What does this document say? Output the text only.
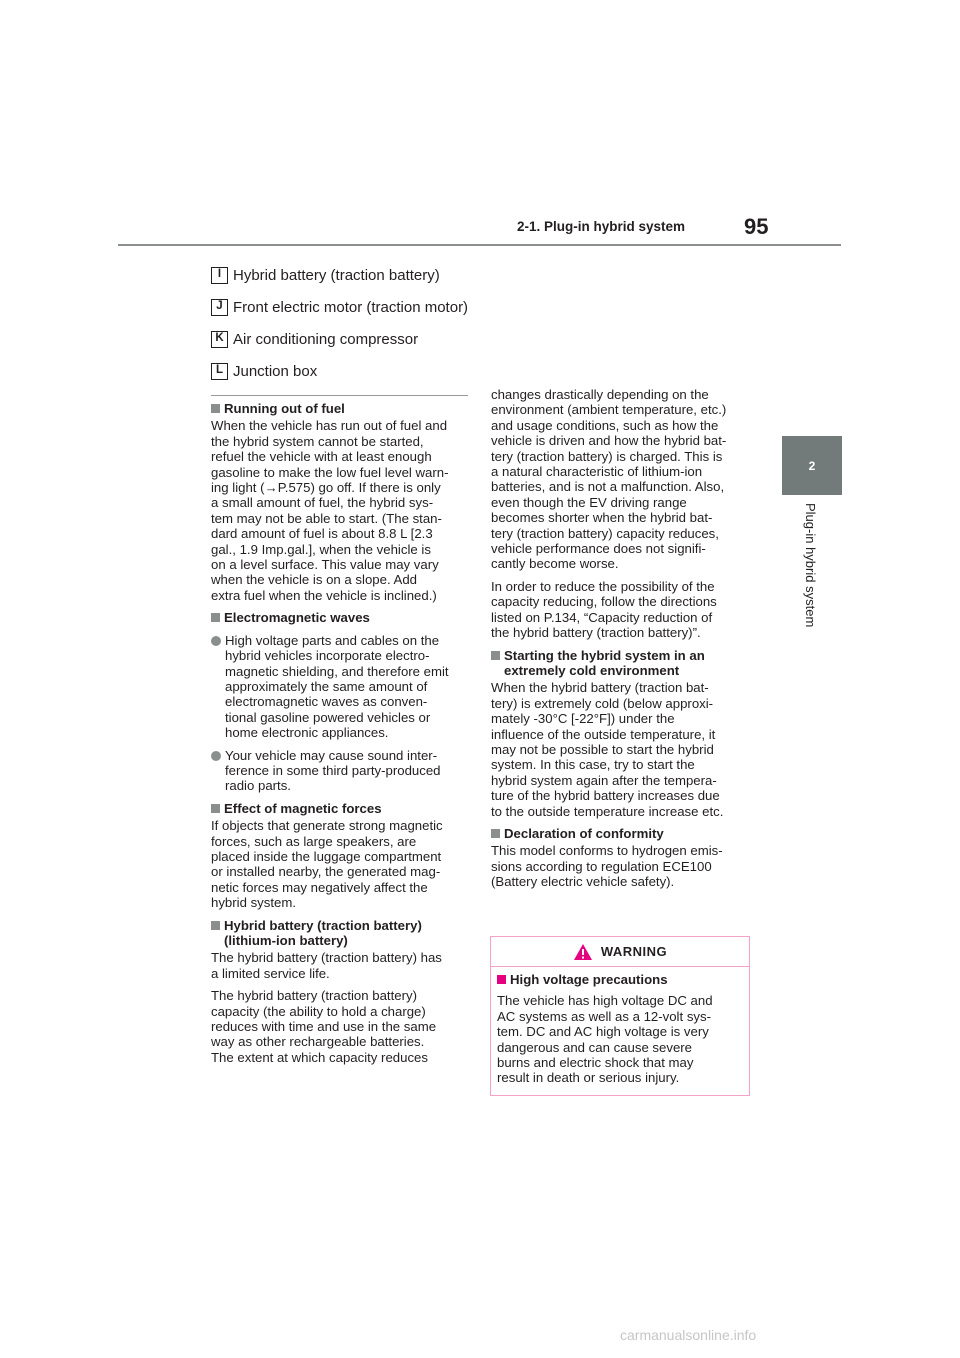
2-1. Plug-in hybrid system	95
2
Plug-in hybrid system
I Hybrid battery (traction battery)
J Front electric motor (traction motor)
K Air conditioning compressor
L Junction box
Running out of fuel
When the vehicle has run out of fuel and
the hybrid system cannot be started,
refuel the vehicle with at least enough
gasoline to make the low fuel level warn-
ing light (→P.575) go off. If there is only
a small amount of fuel, the hybrid sys-
tem may not be able to start. (The stan-
dard amount of fuel is about 8.8 L [2.3
gal., 1.9 Imp.gal.], when the vehicle is
on a level surface. This value may vary
when the vehicle is on a slope. Add
extra fuel when the vehicle is inclined.)
Electromagnetic waves
High voltage parts and cables on the
hybrid vehicles incorporate electro-
magnetic shielding, and therefore emit
approximately the same amount of
electromagnetic waves as conven-
tional gasoline powered vehicles or
home electronic appliances.
Your vehicle may cause sound inter-
ference in some third party-produced
radio parts.
Effect of magnetic forces
If objects that generate strong magnetic
forces, such as large speakers, are
placed inside the luggage compartment
or installed nearby, the generated mag-
netic forces may negatively affect the
hybrid system.
Hybrid battery (traction battery)
(lithium-ion battery)
The hybrid battery (traction battery) has
a limited service life.
The hybrid battery (traction battery)
capacity (the ability to hold a charge)
reduces with time and use in the same
way as other rechargeable batteries.
The extent at which capacity reduces
changes drastically depending on the
environment (ambient temperature, etc.)
and usage conditions, such as how the
vehicle is driven and how the hybrid bat-
tery (traction battery) is charged. This is
a natural characteristic of lithium-ion
batteries, and is not a malfunction. Also,
even though the EV driving range
becomes shorter when the hybrid bat-
tery (traction battery) capacity reduces,
vehicle performance does not signifi-
cantly become worse.
In order to reduce the possibility of the
capacity reducing, follow the directions
listed on P.134, “Capacity reduction of
the hybrid battery (traction battery)”.
Starting the hybrid system in an
extremely cold environment
When the hybrid battery (traction bat-
tery) is extremely cold (below approxi-
mately -30°C [-22°F]) under the
influence of the outside temperature, it
may not be possible to start the hybrid
system. In this case, try to start the
hybrid system again after the tempera-
ture of the hybrid battery increases due
to the outside temperature increase etc.
Declaration of conformity
This model conforms to hydrogen emis-
sions according to regulation ECE100
(Battery electric vehicle safety).
WARNING
High voltage precautions
The vehicle has high voltage DC and
AC systems as well as a 12-volt sys-
tem. DC and AC high voltage is very
dangerous and can cause severe
burns and electric shock that may
result in death or serious injury.
carmanualsonline.info
